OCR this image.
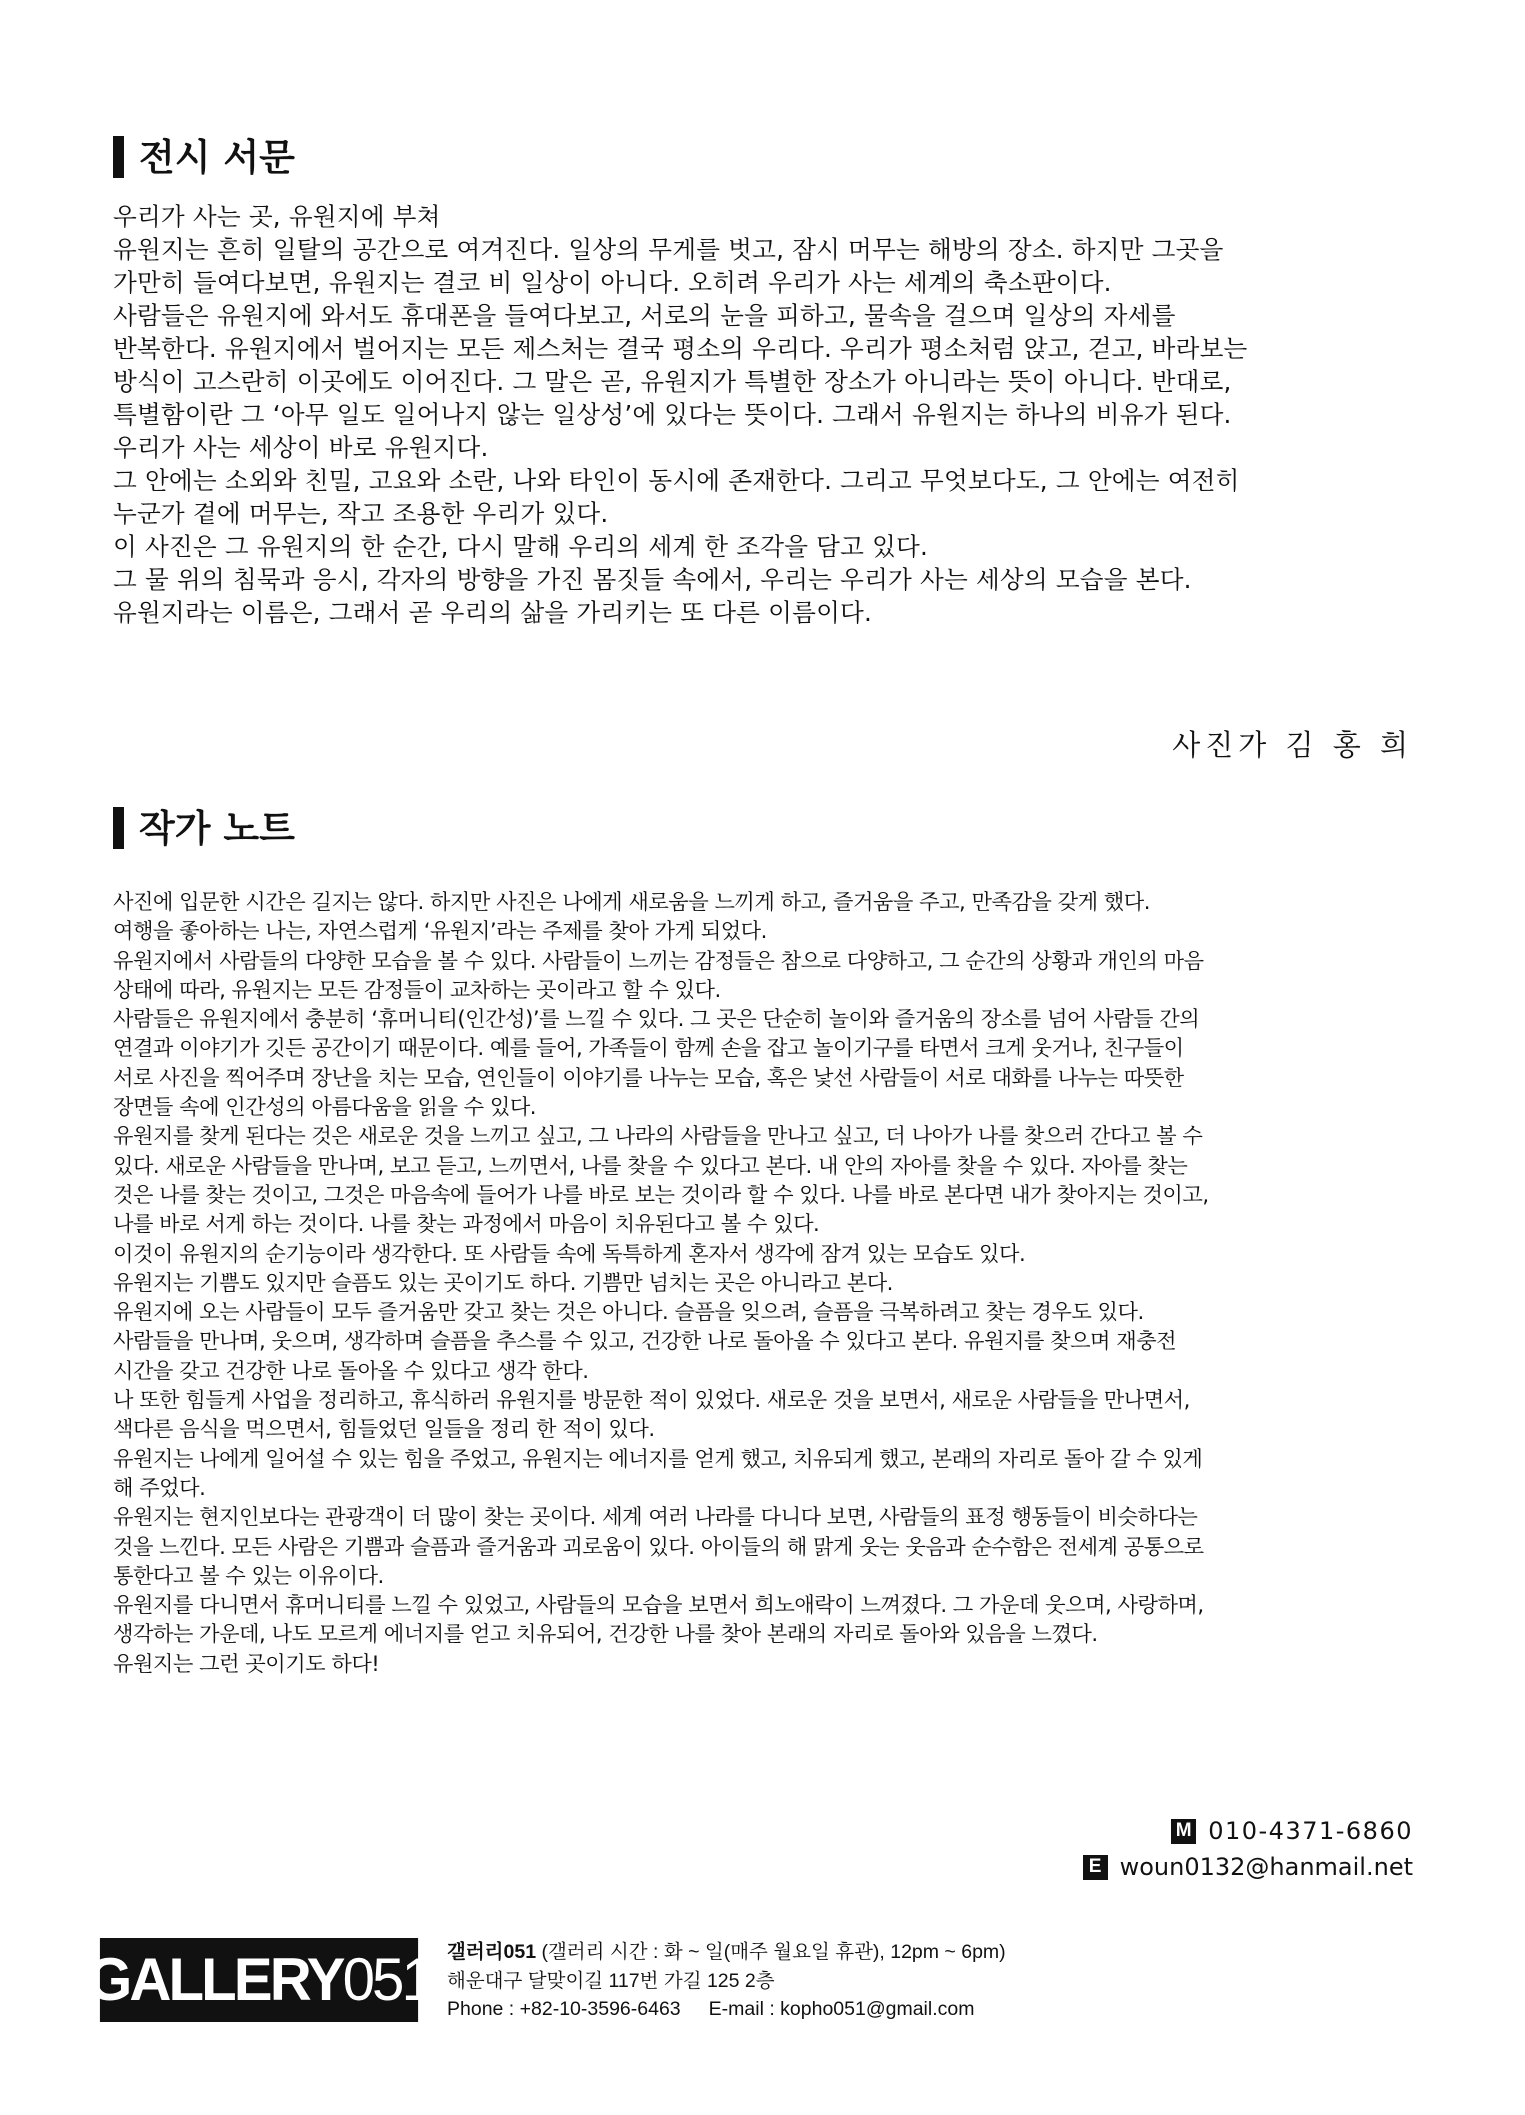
전시 서문

우리가 사는 곳, 유원지에 부쳐

유원지는 흔히 일탈의 공간으로 여겨진다. 일상의 무게를 벗고, 잠시 머무는 해방의 장소. 하지만 그곳을

가만히 들여다보면, 유원지는 결코 비 일상이 아니다. 오히려 우리가 사는 세계의 축소판이다.

사람들은 유원지에 와서도 휴대폰을 들여다보고, 서로의 눈을 피하고, 물속을 걸으며 일상의 자세를

반복한다. 유원지에서 벌어지는 모든 제스처는 결국 평소의 우리다. 우리가 평소처럼 앉고, 걷고, 바라보는

방식이 고스란히 이곳에도 이어진다. 그 말은 곧, 유원지가 특별한 장소가 아니라는 뜻이 아니다. 반대로,

특별함이란 그 ‘아무 일도 일어나지 않는 일상성’에 있다는 뜻이다. 그래서 유원지는 하나의 비유가 된다.

우리가 사는 세상이 바로 유원지다.

그 안에는 소외와 친밀, 고요와 소란, 나와 타인이 동시에 존재한다. 그리고 무엇보다도, 그 안에는 여전히

누군가 곁에 머무는, 작고 조용한 우리가 있다.

이 사진은 그 유원지의 한 순간, 다시 말해 우리의 세계 한 조각을 담고 있다.

그 물 위의 침묵과 응시, 각자의 방향을 가진 몸짓들 속에서, 우리는 우리가 사는 세상의 모습을 본다.

유원지라는 이름은, 그래서 곧 우리의 삶을 가리키는 또 다른 이름이다.

사진가 김 홍 희
작가 노트

사진에 입문한 시간은 길지는 않다. 하지만 사진은 나에게 새로움을 느끼게 하고, 즐거움을 주고, 만족감을 갖게 했다.

여행을 좋아하는 나는, 자연스럽게 ‘유원지’라는 주제를 찾아 가게 되었다.

유원지에서 사람들의 다양한 모습을 볼 수 있다. 사람들이 느끼는 감정들은 참으로 다양하고, 그 순간의 상황과 개인의 마음

상태에 따라, 유원지는 모든 감정들이 교차하는 곳이라고 할 수 있다.

사람들은 유원지에서 충분히 ‘휴머니티(인간성)’를 느낄 수 있다. 그 곳은 단순히 놀이와 즐거움의 장소를 넘어 사람들 간의

연결과 이야기가 깃든 공간이기 때문이다. 예를 들어, 가족들이 함께 손을 잡고 놀이기구를 타면서 크게 웃거나, 친구들이

서로 사진을 찍어주며 장난을 치는 모습, 연인들이 이야기를 나누는 모습, 혹은 낯선 사람들이 서로 대화를 나누는 따뜻한

장면들 속에 인간성의 아름다움을 읽을 수 있다.

유원지를 찾게 된다는 것은 새로운 것을 느끼고 싶고, 그 나라의 사람들을 만나고 싶고, 더 나아가 나를 찾으러 간다고 볼 수

있다. 새로운 사람들을 만나며, 보고 듣고, 느끼면서, 나를 찾을 수 있다고 본다. 내 안의 자아를 찾을 수 있다. 자아를 찾는

것은 나를 찾는 것이고, 그것은 마음속에 들어가 나를 바로 보는 것이라 할 수 있다. 나를 바로 본다면 내가 찾아지는 것이고,

나를 바로 서게 하는 것이다. 나를 찾는 과정에서 마음이 치유된다고 볼 수 있다.

이것이 유원지의 순기능이라 생각한다. 또 사람들 속에 독특하게 혼자서 생각에 잠겨 있는 모습도 있다.

유원지는 기쁨도 있지만 슬픔도 있는 곳이기도 하다. 기쁨만 넘치는 곳은 아니라고 본다.

유원지에 오는 사람들이 모두 즐거움만 갖고 찾는 것은 아니다. 슬픔을 잊으려, 슬픔을 극복하려고 찾는 경우도 있다.

사람들을 만나며, 웃으며, 생각하며 슬픔을 추스를 수 있고, 건강한 나로 돌아올 수 있다고 본다. 유원지를 찾으며 재충전

시간을 갖고 건강한 나로 돌아올 수 있다고 생각 한다.

나 또한 힘들게 사업을 정리하고, 휴식하러 유원지를 방문한 적이 있었다. 새로운 것을 보면서, 새로운 사람들을 만나면서,

색다른 음식을 먹으면서, 힘들었던 일들을 정리 한 적이 있다.

유원지는 나에게 일어설 수 있는 힘을 주었고, 유원지는 에너지를 얻게 했고, 치유되게 했고, 본래의 자리로 돌아 갈 수 있게

해 주었다.

유원지는 현지인보다는 관광객이 더 많이 찾는 곳이다. 세계 여러 나라를 다니다 보면, 사람들의 표정 행동들이 비슷하다는

것을 느낀다. 모든 사람은 기쁨과 슬픔과 즐거움과 괴로움이 있다. 아이들의 해 맑게 웃는 웃음과 순수함은 전세계 공통으로

통한다고 볼 수 있는 이유이다.

유원지를 다니면서 휴머니티를 느낄 수 있었고, 사람들의 모습을 보면서 희노애락이 느껴졌다. 그 가운데 웃으며, 사랑하며,

생각하는 가운데, 나도 모르게 에너지를 얻고 치유되어, 건강한 나를 찾아 본래의 자리로 돌아와 있음을 느꼈다.

유원지는 그런 곳이기도 하다!

M 010-4371-6860
E woun0132@hanmail.net
GALLERY 051 갤러리051 (갤러리 시간 : 화 ~ 일(매주 월요일 휴관), 12pm ~ 6pm)
해운대구 달맞이길 117번 가길 125 2층
Phone : +82-10-3596-6463 E-mail : kopho051@gmail.com
